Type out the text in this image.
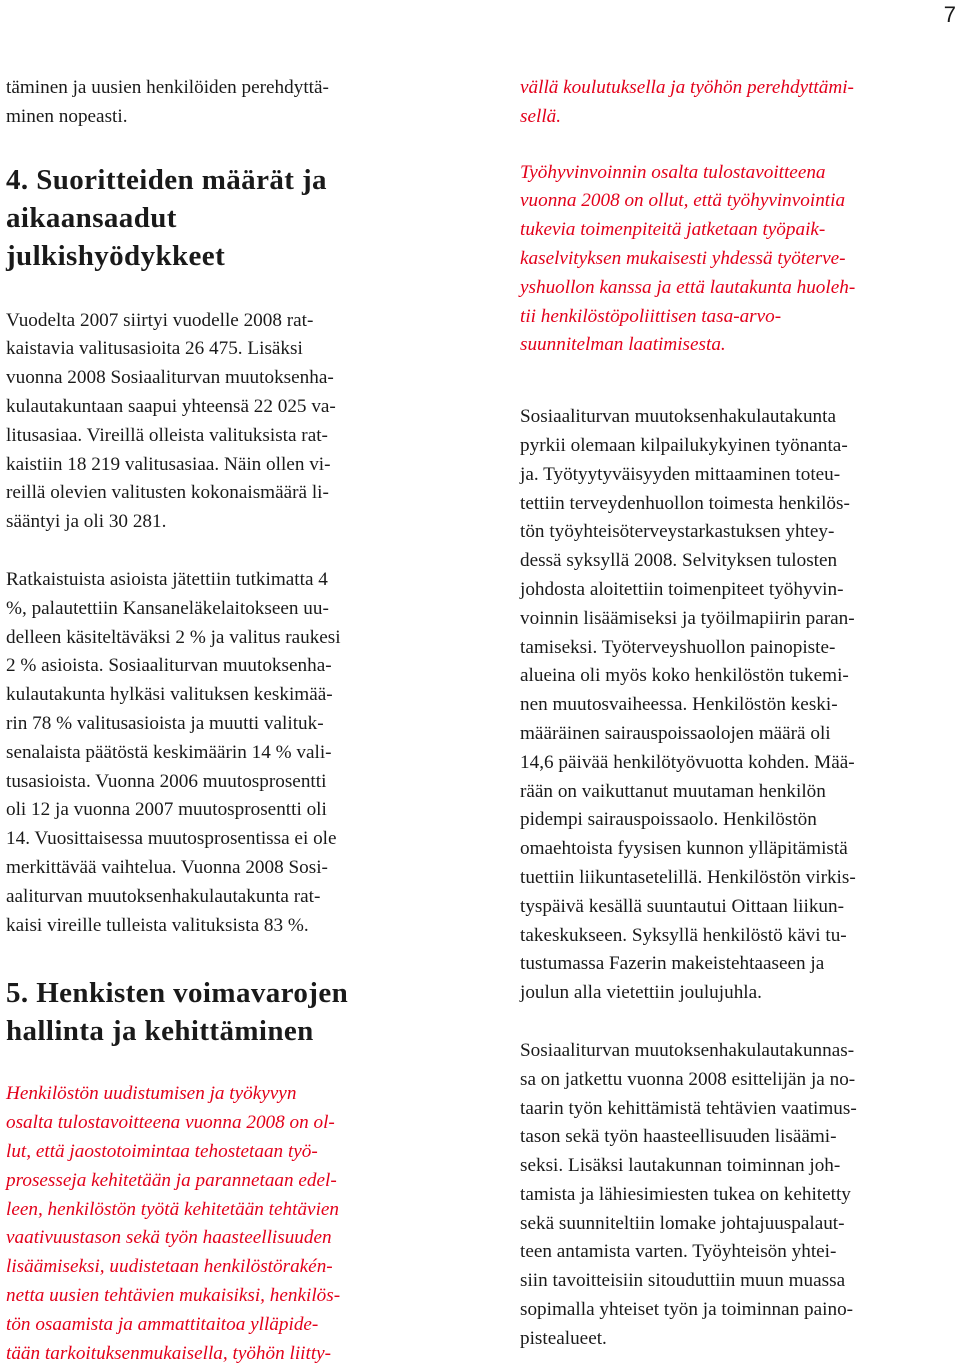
7

täminen ja uusien henkilöiden perehdyttä-
minen nopeasti.

4. Suoritteiden määrät ja
aikaansaadut
julkishyödykkeet

Vuodelta 2007 siirtyi vuodelle 2008 rat-
kaistavia valitusasioita 26 475. Lisäksi
vuonna 2008 Sosiaaliturvan muutoksenha-
kulautakuntaan saapui yhteensä 22 025 va-
litusasiaa. Vireillä olleista valituksista rat-
kaistiin 18 219 valitusasiaa. Näin ollen vi-
reillä olevien valitusten kokonaismäärä li-
sääntyi ja oli 30 281.

Ratkaistuista asioista jätettiin tutkimatta 4
%, palautettiin Kansaneläkelaitokseen uu-
delleen käsiteltäväksi 2 % ja valitus raukesi
2 % asioista. Sosiaaliturvan muutoksenha-
kulautakunta hylkäsi valituksen keskimää-
rin 78 % valitusasioista ja muutti valituk-
senalaista päätöstä keskimäärin 14 % vali-
tusasioista. Vuonna 2006 muutosprosentti
oli 12 ja vuonna 2007 muutosprosentti oli
14. Vuosittaisessa muutosprosentissa ei ole
merkittävää vaihtelua. Vuonna 2008 Sosi-
aaliturvan muutoksenhakulautakunta rat-
kaisi vireille tulleista valituksista 83 %.

5. Henkisten voimavarojen
hallinta ja kehittäminen

Henkilöstön uudistumisen ja työkyvyn
osalta tulostavoitteena vuonna 2008 on ol-
lut, että jaostotoimintaa tehostetaan työ-
prosesseja kehitetään ja parannetaan edel-
leen, henkilöstön työtä kehitetään tehtävien
vaativuustason sekä työn haasteellisuuden
lisäämiseksi, uudistetaan henkilöstörakén-
netta uusien tehtävien mukaisiksi, henkilös-
tön osaamista ja ammattitaitoa ylläpide-
tään tarkoituksenmukaisella, työhön liitty-

vällä koulutuksella ja työhön perehdyttämi-
sellä.

Työhyvinvoinnin osalta tulostavoitteena
vuonna 2008 on ollut, että työhyvinvointia
tukevia toimenpiteitä jatketaan työpaik-
kaselvityksen mukaisesti yhdessä työterve-
yshuollon kanssa ja että lautakunta huoleh-
tii henkilöstöpoliittisen tasa-arvo-
suunnitelman laatimisesta.

Sosiaaliturvan muutoksenhakulautakunta
pyrkii olemaan kilpailukykyinen työnanta-
ja. Työtyytyväisyyden mittaaminen toteu-
tettiin terveydenhuollon toimesta henkilös-
tön työyhteisöterveystarkastuksen yhtey-
dessä syksyllä 2008. Selvityksen tulosten
johdosta aloitettiin toimenpiteet työhyvin-
voinnin lisäämiseksi ja työilmapiirin paran-
tamiseksi. Työterveyshuollon painopiste-
alueina oli myös koko henkilöstön tukemi-
nen muutosvaiheessa. Henkilöstön keski-
määräinen sairauspoissaolojen määrä oli
14,6 päivää henkilötyövuotta kohden. Mää-
rään on vaikuttanut muutaman henkilön
pidempi sairauspoissaolo. Henkilöstön
omaehtoista fyysisen kunnon ylläpitämistä
tuettiin liikuntasetelillä. Henkilöstön virkis-
tyspäivä kesällä suuntautui Oittaan liikun-
takeskukseen. Syksyllä henkilöstö kävi tu-
tustumassa Fazerin makeistehtaaseen ja
joulun alla vietettiin joulujuhla.

Sosiaaliturvan muutoksenhakulautakunnas-
sa on jatkettu vuonna 2008 esittelijän ja no-
taarin työn kehittämistä tehtävien vaatimus-
tason sekä työn haasteellisuuden lisäämi-
seksi. Lisäksi lautakunnan toiminnan joh-
tamista ja lähiesimiesten tukea on kehitetty
sekä suunniteltiin lomake johtajuuspalaut-
teen antamista varten. Työyhteisön yhtei-
siin tavoitteisiin sitouduttiin muun muassa
sopimalla yhteiset työn ja toiminnan paino-
pistealueet.
